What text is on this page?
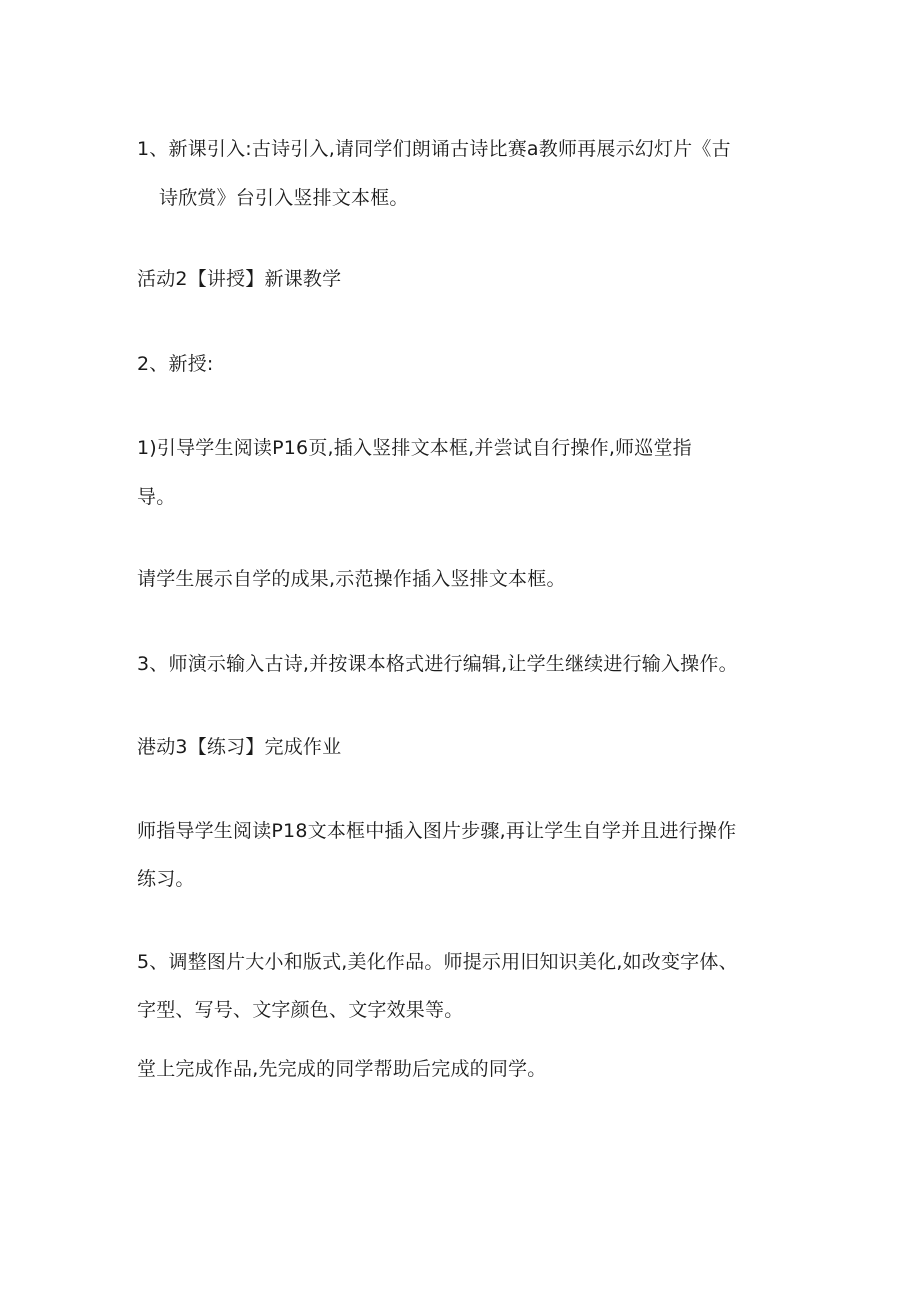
1、新课引入:古诗引入,请同学们朗诵古诗比赛a教师再展示幻灯片《古

诗欣赏》台引入竖排文本框。

活动2【讲授】新课教学

2、新授:

1)引导学生阅读P16页,插入竖排文本框,并尝试自行操作,师巡堂指

导。

请学生展示自学的成果,示范操作插入竖排文本框。

3、师演示输入古诗,并按课本格式进行编辑,让学生继续进行输入操作。

港动3【练习】完成作业

师指导学生阅读P18文本框中插入图片步骤,再让学生自学并且进行操作

练习。

5、调整图片大小和版式,美化作品。师提示用旧知识美化,如改变字体、

字型、写号、文字颜色、文字效果等。

堂上完成作品,先完成的同学帮助后完成的同学。
